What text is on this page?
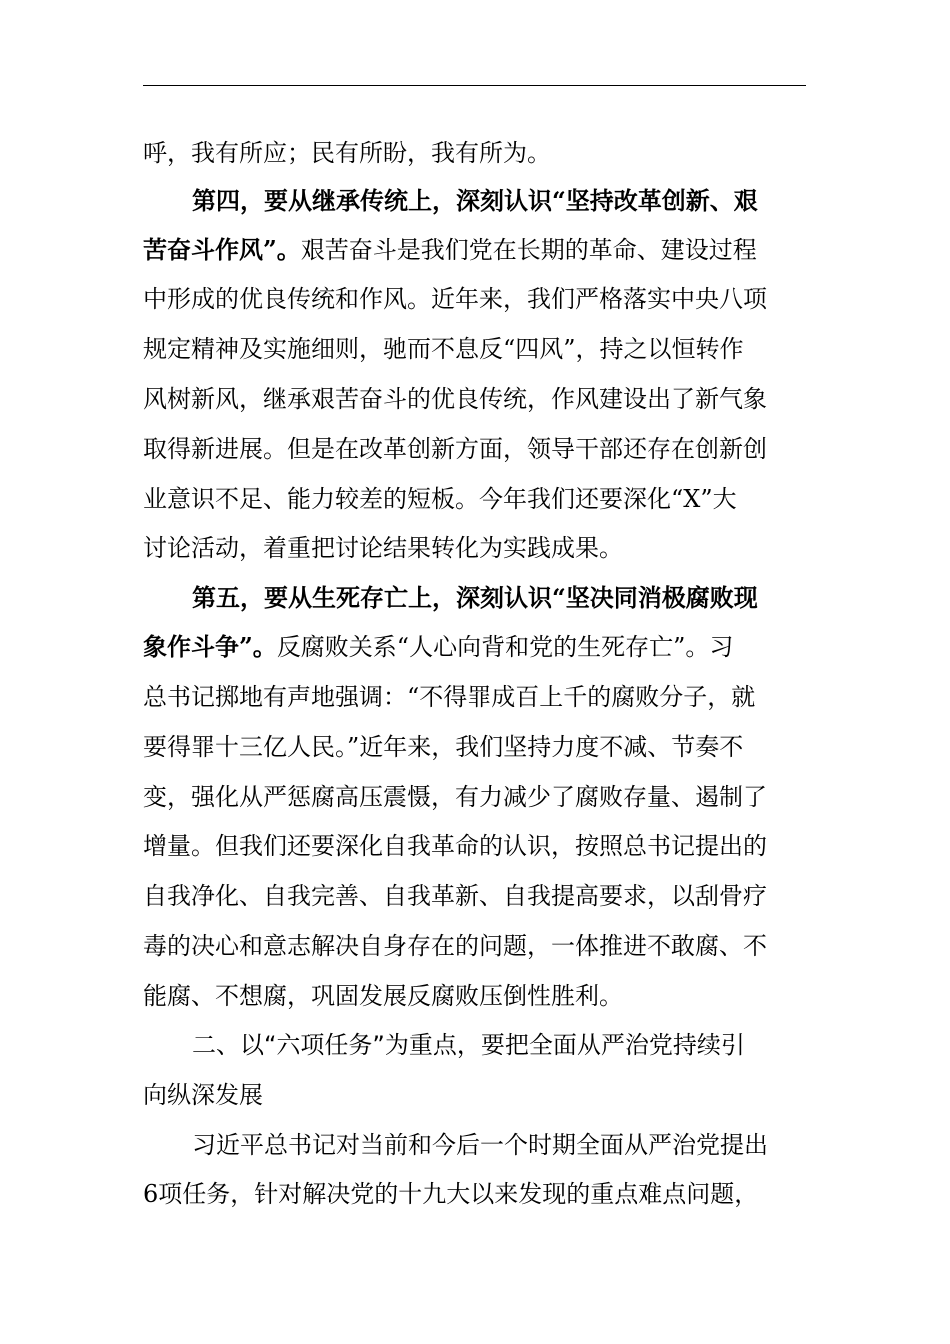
呼，我有所应；民有所盼，我有所为。
第四，要从继承传统上，深刻认识“坚持改革创新、艰
苦奋斗作风”。艰苦奋斗是我们党在长期的革命、建设过程
中形成的优良传统和作风。近年来，我们严格落实中央八项
规定精神及实施细则，驰而不息反“四风”，持之以恒转作
风树新风，继承艰苦奋斗的优良传统，作风建设出了新气象
取得新进展。但是在改革创新方面，领导干部还存在创新创
业意识不足、能力较差的短板。今年我们还要深化“X”大
讨论活动，着重把讨论结果转化为实践成果。
第五，要从生死存亡上，深刻认识“坚决同消极腐败现
象作斗争”。反腐败关系“人心向背和党的生死存亡”。习
总书记掷地有声地强调：“不得罪成百上千的腐败分子，就
要得罪十三亿人民。”近年来，我们坚持力度不减、节奏不
变，强化从严惩腐高压震慑，有力减少了腐败存量、遏制了
增量。但我们还要深化自我革命的认识，按照总书记提出的
自我净化、自我完善、自我革新、自我提高要求，以刮骨疗
毒的决心和意志解决自身存在的问题，一体推进不敢腐、不
能腐、不想腐，巩固发展反腐败压倒性胜利。
二、以“六项任务”为重点，要把全面从严治党持续引
向纵深发展
习近平总书记对当前和今后一个时期全面从严治党提出
6项任务，针对解决党的十九大以来发现的重点难点问题，
